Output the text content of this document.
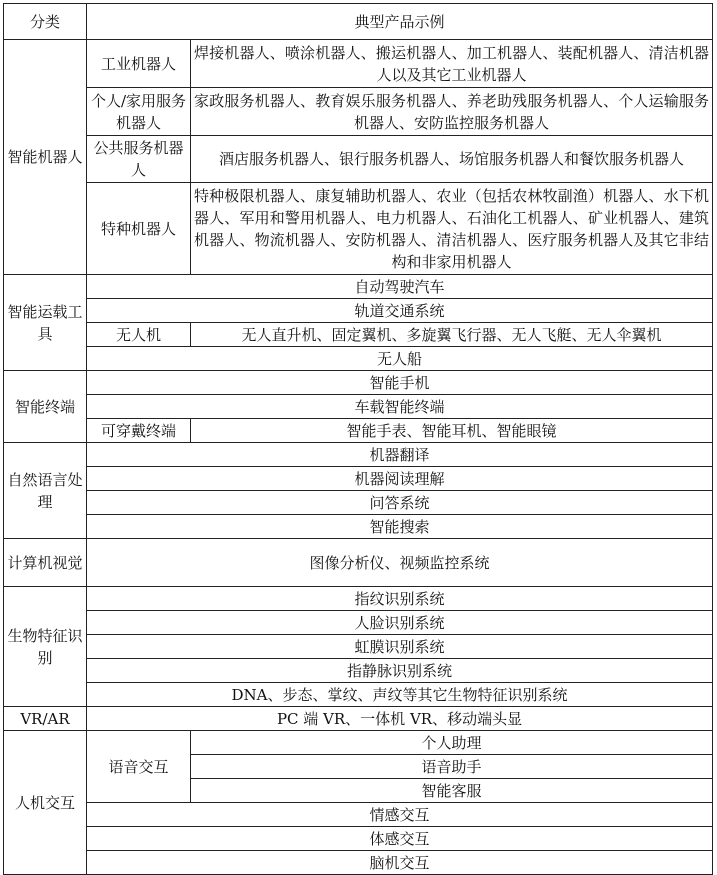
分类	典型产品示例	
智能机器人	工业机器人	焊接机器人、喷涂机器人、搬运机器人、加工机器人、装配机器人、清洁机器人以及其它工业机器人
	个人/家用服务机器人	家政服务机器人、教育娱乐服务机器人、养老助残服务机器人、个人运输服务机器人、安防监控服务机器人
	公共服务机器人	酒店服务机器人、银行服务机器人、场馆服务机器人和餐饮服务机器人
	特种机器人	特种极限机器人、康复辅助机器人、农业（包括农林牧副渔）机器人、水下机器人、军用和警用机器人、电力机器人、石油化工机器人、矿业机器人、建筑机器人、物流机器人、安防机器人、清洁机器人、医疗服务机器人及其它非结构和非家用机器人
智能运载工具	自动驾驶汽车	
	轨道交通系统	
	无人机	无人直升机、固定翼机、多旋翼飞行器、无人飞艇、无人伞翼机
	无人船	
智能终端	智能手机	
	车载智能终端	
	可穿戴终端	智能手表、智能耳机、智能眼镜
自然语言处理	机器翻译	
	机器阅读理解	
	问答系统	
	智能搜索	
计算机视觉	图像分析仪、视频监控系统	
生物特征识别	指纹识别系统	
	人脸识别系统	
	虹膜识别系统	
	指静脉识别系统	
	DNA、步态、掌纹、声纹等其它生物特征识别系统	
VR/AR	PC 端 VR、一体机 VR、移动端头显	
人机交互	语音交互	个人助理
		语音助手
		智能客服
	情感交互	
	体感交互	
	脑机交互	
